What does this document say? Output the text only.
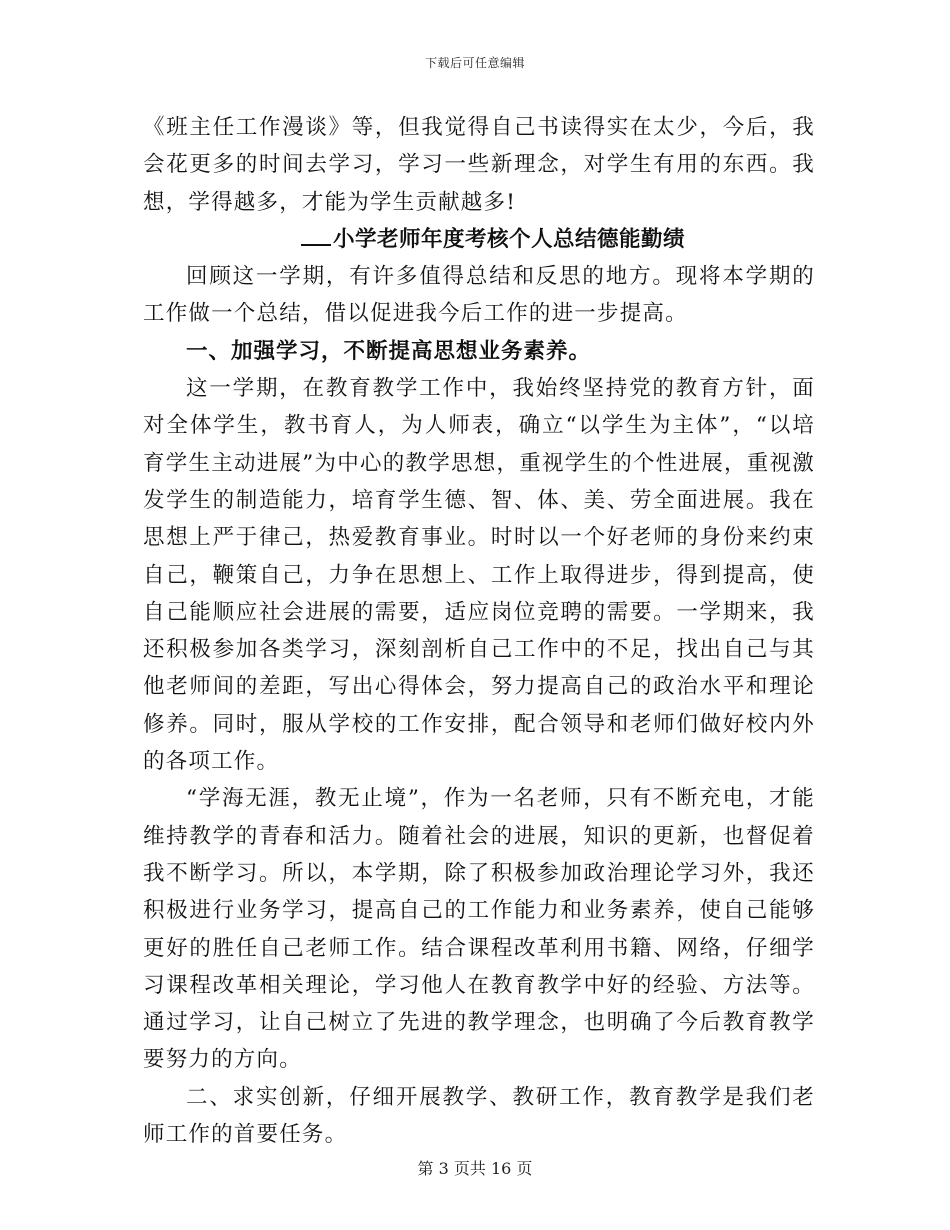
下载后可任意编辑

《班主任工作漫谈》等，但我觉得自己书读得实在太少，今后，我会花更多的时间去学习，学习一些新理念，对学生有用的东西。我想，学得越多，才能为学生贡献越多!

小学老师年度考核个人总结德能勤绩

回顾这一学期，有许多值得总结和反思的地方。现将本学期的工作做一个总结，借以促进我今后工作的进一步提高。

一、加强学习，不断提高思想业务素养。

这一学期，在教育教学工作中，我始终坚持党的教育方针，面对全体学生，教书育人，为人师表，确立“以学生为主体”，“以培育学生主动进展”为中心的教学思想，重视学生的个性进展，重视激发学生的制造能力，培育学生德、智、体、美、劳全面进展。我在思想上严于律己，热爱教育事业。时时以一个好老师的身份来约束自己，鞭策自己，力争在思想上、工作上取得进步，得到提高，使自己能顺应社会进展的需要，适应岗位竞聘的需要。一学期来，我还积极参加各类学习，深刻剖析自己工作中的不足，找出自己与其他老师间的差距，写出心得体会，努力提高自己的政治水平和理论修养。同时，服从学校的工作安排，配合领导和老师们做好校内外的各项工作。

“学海无涯，教无止境”，作为一名老师，只有不断充电，才能维持教学的青春和活力。随着社会的进展，知识的更新，也督促着我不断学习。所以，本学期，除了积极参加政治理论学习外，我还积极进行业务学习，提高自己的工作能力和业务素养，使自己能够更好的胜任自己老师工作。结合课程改革利用书籍、网络，仔细学习课程改革相关理论，学习他人在教育教学中好的经验、方法等。通过学习，让自己树立了先进的教学理念，也明确了今后教育教学要努力的方向。

二、求实创新，仔细开展教学、教研工作，教育教学是我们老师工作的首要任务。

第 3 页共 16 页
